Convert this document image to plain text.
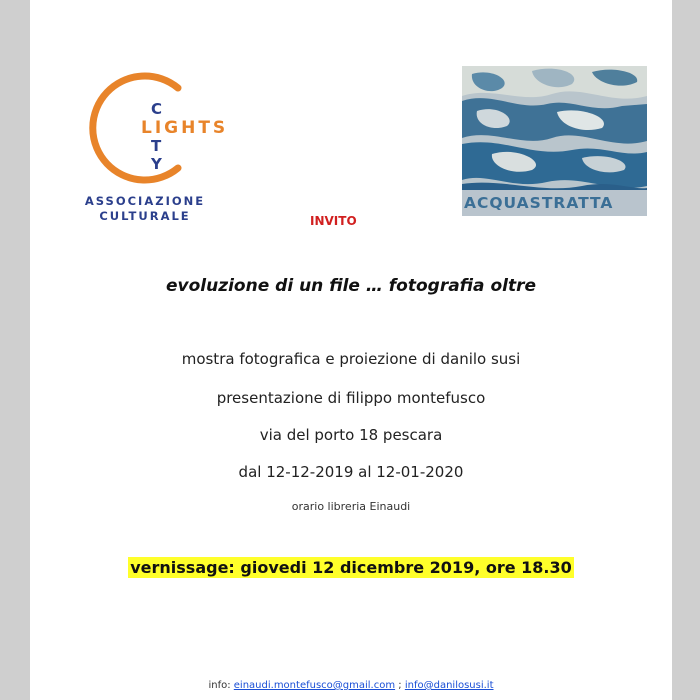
C
LIGHTS
T
Y
ASSOCIAZIONE
CULTURALE
ACQUASTRATTA
INVITO
evoluzione di un file … fotografia oltre
mostra fotografica e proiezione di danilo susi
presentazione di filippo montefusco
via del porto 18 pescara
dal 12-12-2019 al 12-01-2020
orario libreria Einaudi
vernissage: giovedi 12 dicembre 2019, ore 18.30
info: einaudi.montefusco@gmail.com ; info@danilosusi.it
